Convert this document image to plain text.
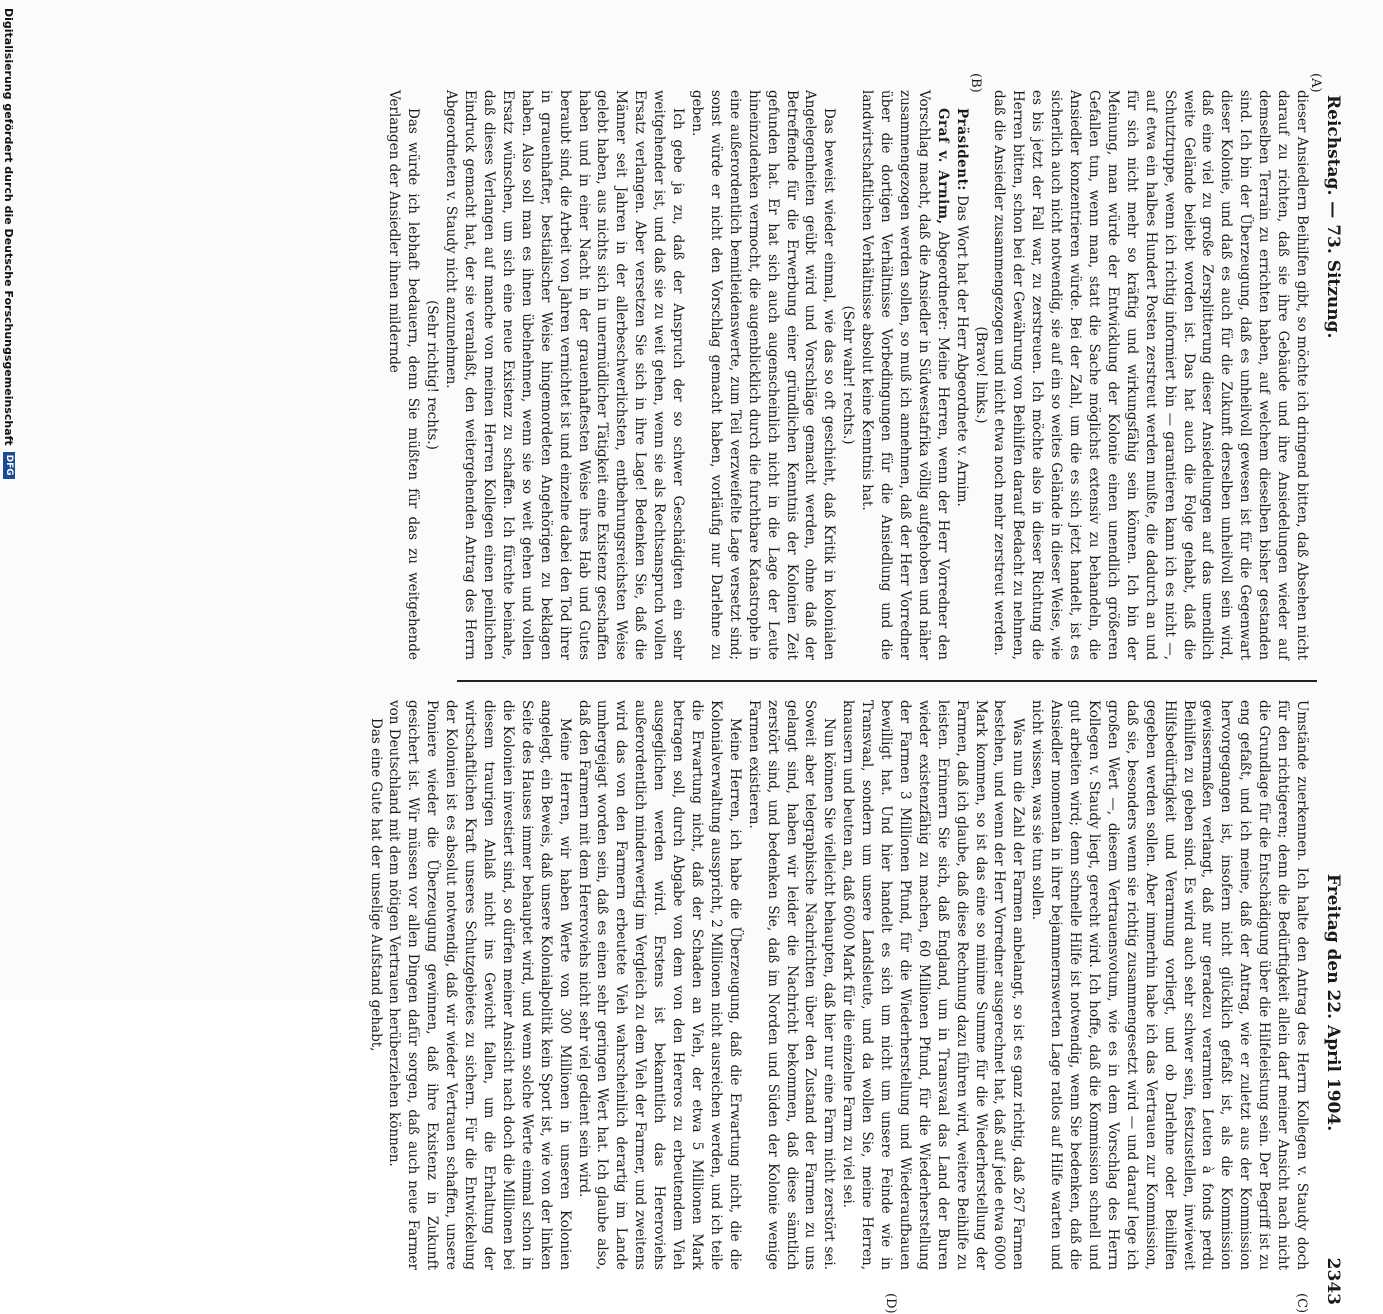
Reichstag. — 73. Sitzung.
Freitag den 22. April 1904.
2343
(A)
(B)
(C)
(D)

dieser Ansiedlern Beihilfen gibt, so möchte ich dringend bitten, daß Absehen nicht darauf zu richten, daß sie ihre Gebäude und ihre Ansiedelungen wieder auf demselben Terrain zu errichten haben, auf welchem dieselben bisher gestanden sind. Ich bin der Überzeugung, daß es unheilvoll gewesen ist für die Gegenwart dieser Kolonie, und daß es auch für die Zukunft derselben unheilvoll sein wird, daß eine viel zu große Zersplitterung dieser Ansiedelungen auf das unendlich weite Gelände beliebt worden ist. Das hat auch die Folge gehabt, daß die Schutztruppe, wenn ich richtig informiert bin — garantieren kann ich es nicht —, auf etwa ein halbes Hundert Posten zerstreut werden mußte, die dadurch an und für sich nicht mehr so kräftig und wirkungsfähig sein können. Ich bin der Meinung, man würde der Entwicklung der Kolonie einen unendlich größeren Gefallen tun, wenn man, statt die Sache möglichst extensiv zu behandeln, die Ansiedler konzentrieren würde. Bei der Zahl, um die es sich jetzt handelt, ist es sicherlich auch nicht notwendig, sie auf ein so weites Gelände in dieser Weise, wie es bis jetzt der Fall war, zu zerstreuen. Ich möchte also in dieser Richtung die Herren bitten, schon bei der Gewährung von Beihilfen darauf Bedacht zu nehmen, daß die Ansiedler zusammengezogen und nicht etwa noch mehr zerstreut werden.

(Bravo! links.)

Präsident: Das Wort hat der Herr Abgeordnete v. Arnim.

Graf v. Arnim, Abgeordneter: Meine Herren, wenn der Herr Vorredner den Vorschlag macht, daß die Ansiedler in Südwestafrika völlig aufgehoben und näher zusammengezogen werden sollen, so muß ich annehmen, daß der Herr Vorredner über die dortigen Verhältnisse Vorbedingungen für die Ansiedlung und die landwirtschaftlichen Verhältnisse absolut keine Kenntnis hat.

(Sehr wahr! rechts.)

Das beweist wieder einmal, wie das so oft geschieht, daß Kritik in kolonialen Angelegenheiten geübt wird und Vorschläge gemacht werden, ohne daß der Betreffende für die Erwerbung einer gründlichen Kenntnis der Kolonien Zeit gefunden hat. Er hat sich auch augenscheinlich nicht in die Lage der Leute hineinzudenken vermocht, die augenblicklich durch die furchtbare Katastrophe in eine außerordentlich bemitleidenswerte, zum Teil verzweifelte Lage versetzt sind; sonst würde er nicht den Vorschlag gemacht haben, vorläufig nur Darlehne zu geben.

Ich gebe ja zu, daß der Anspruch der so schwer Geschädigten ein sehr weitgehender ist, und daß sie zu weit gehen, wenn sie als Rechtsanspruch vollen Ersatz verlangen. Aber versetzen Sie sich in ihre Lage! Bedenken Sie, daß die Männer seit Jahren in der allerbeschwerlichsten, entbehrungsreichsten Weise gelebt haben, aus nichts sich in unermüdlicher Tätigkeit eine Existenz geschaffen haben und in einer Nacht in der grauenhaftesten Weise ihres Hab und Gutes beraubt sind, die Arbeit von Jahren vernichtet ist und einzelne dabei den Tod ihrer in grauenhafter, bestialischer Weise hingemordeten Angehörigen zu beklagen haben. Also soll man es ihnen übelnehmen, wenn sie so weit gehen und vollen Ersatz wünschen, um sich eine neue Existenz zu schaffen. Ich fürchte beinahe, daß dieses Verlangen auf manche von meinen Herren Kollegen einen peinlichen Eindruck gemacht hat, der sie veranlaßt, den weitergehenden Antrag des Herrn Abgeordneten v. Staudy nicht anzunehmen.

(Sehr richtig! rechts.)

Das würde ich lebhaft bedauern, denn Sie müßten für das zu weitgehende Verlangen der Ansiedler ihnen mildernde

Umstände zuerkennen. Ich halte den Antrag des Herrn Kollegen v. Staudy doch für den richtigeren; denn die Bedürftigkeit allein darf meiner Ansicht nach nicht die Grundlage für die Entschädigung über die Hilfeleistung sein. Der Begriff ist zu eng gefaßt, und ich meine, daß der Antrag, wie er zuletzt aus der Kommission hervorgegangen ist, insofern nicht glücklich gefaßt ist, als die Kommission gewissermaßen verlangt, daß nur geradezu verarmten Leuten à fonds perdu Beihilfen zu geben sind. Es wird auch sehr schwer sein, festzustellen, inwieweit Hilfsbedürftigkeit und Verarmung vorliegt, und ob Darlehne oder Beihilfen gegeben werden sollen. Aber immerhin habe ich das Vertrauen zur Kommission, daß sie, besonders wenn sie richtig zusammengesetzt wird — und darauf lege ich großen Wert —, diesem Vertrauensvotum, wie es in dem Vorschlag des Herrn Kollegen v. Staudy liegt, gerecht wird. Ich hoffe, daß die Kommission schnell und gut arbeiten wird; denn schnelle Hilfe ist notwendig, wenn Sie bedenken, daß die Ansiedler momentan in ihrer bejammernswerten Lage ratlos auf Hilfe warten und nicht wissen, was sie tun sollen.

Was nun die Zahl der Farmen anbelangt, so ist es ganz richtig, daß 267 Farmen bestehen, und wenn der Herr Vorredner ausgerechnet hat, daß auf jede etwa 6000 Mark kommen, so ist das eine so minime Summe für die Wiederherstellung der Farmen, daß ich glaube, daß diese Rechnung dazu führen wird, weitere Beihilfe zu leisten. Erinnern Sie sich, daß England, um in Transvaal das Land der Buren wieder existenzfähig zu machen, 60 Millionen Pfund, für die Wiederherstellung der Farmen 3 Millionen Pfund, für die Wiederherstellung und Wiederaufbauen bewilligt hat. Und hier handelt es sich um nicht um unsere Feinde wie in Transvaal, sondern um unsere Landsleute, und da wollen Sie, meine Herren, knausern und beuten an, daß 6000 Mark für die einzelne Farm zu viel sei.

Nun können Sie vielleicht behaupten, daß hier nur eine Farm nicht zerstört sei. Soweit aber telegraphische Nachrichten über den Zustand der Farmen zu uns gelangt sind, haben wir leider die Nachricht bekommen, daß diese sämtlich zerstört sind, und bedenken Sie, daß im Norden und Süden der Kolonie wenige Farmen existieren.

Meine Herren, ich habe die Überzeugung, daß die Erwartung nicht, die die Kolonialverwaltung ausspricht, 2 Millionen nicht ausreichen werden, und ich teile die Erwartung nicht, daß der Schaden an Vieh, der etwa 5 Millionen Mark betragen soll, durch Abgabe von dem von den Hereros zu erbeutendem Vieh ausgeglichen werden wird. Erstens ist bekanntlich das Hereroviehs außerordentlich minderwertig im Vergleich zu dem Vieh der Farmer, und zweitens wird das von den Farmern erbeutete Vieh wahrscheinlich derartig im Lande umhergejagt worden sein, daß es einen sehr geringen Wert hat. Ich glaube also, daß den Farmern mit dem Hereroviehs nicht sehr viel gedient sein wird.

Meine Herren, wir haben Werte von 300 Millionen in unseren Kolonien angelegt, ein Beweis, daß unsere Kolonialpolitik kein Sport ist, wie von der linken Seite des Hauses immer behauptet wird, und wenn solche Werte einmal schon in die Kolonien investiert sind, so dürfen meiner Ansicht nach doch die Millionen bei diesem traurigen Anlaß nicht ins Gewicht fallen, um die Erhaltung der wirtschaftlichen Kraft unseres Schutzgebietes zu sichern. Für die Entwickelung der Kolonien ist es absolut notwendig, daß wir wieder Vertrauen schaffen, unsere Pioniere wieder die Überzeugung gewinnen, daß ihre Existenz in Zukunft gesichert ist. Wir müssen vor allen Dingen dafür sorgen, daß auch neue Farmer von Deutschland mit dem nötigen Vertrauen herüberziehen können.

Das eine Gute hat der unselige Aufstand gehabt,

Digitalisierung gefördert durch die Deutsche Forschungsgemeinschaft
DFG
